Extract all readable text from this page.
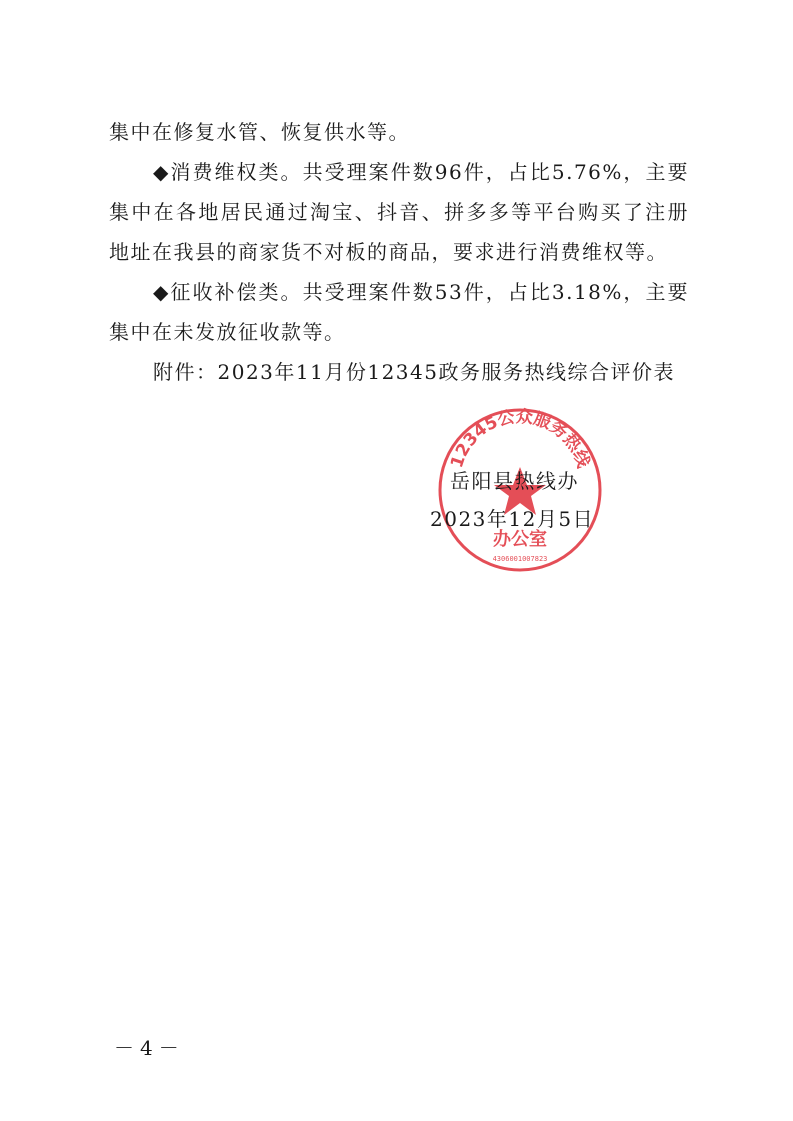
集中在修复水管、恢复供水等。

◆消费维权类。共受理案件数96件，占比5.76%，主要集中在各地居民通过淘宝、抖音、拼多多等平台购买了注册地址在我县的商家货不对板的商品，要求进行消费维权等。

◆征收补偿类。共受理案件数53件，占比3.18%，主要集中在未发放征收款等。

附件：2023年11月份12345政务服务热线综合评价表

12345公众服务热线
办公室
4306001007823
岳阳县热线办
2023年12月5日
－4－
